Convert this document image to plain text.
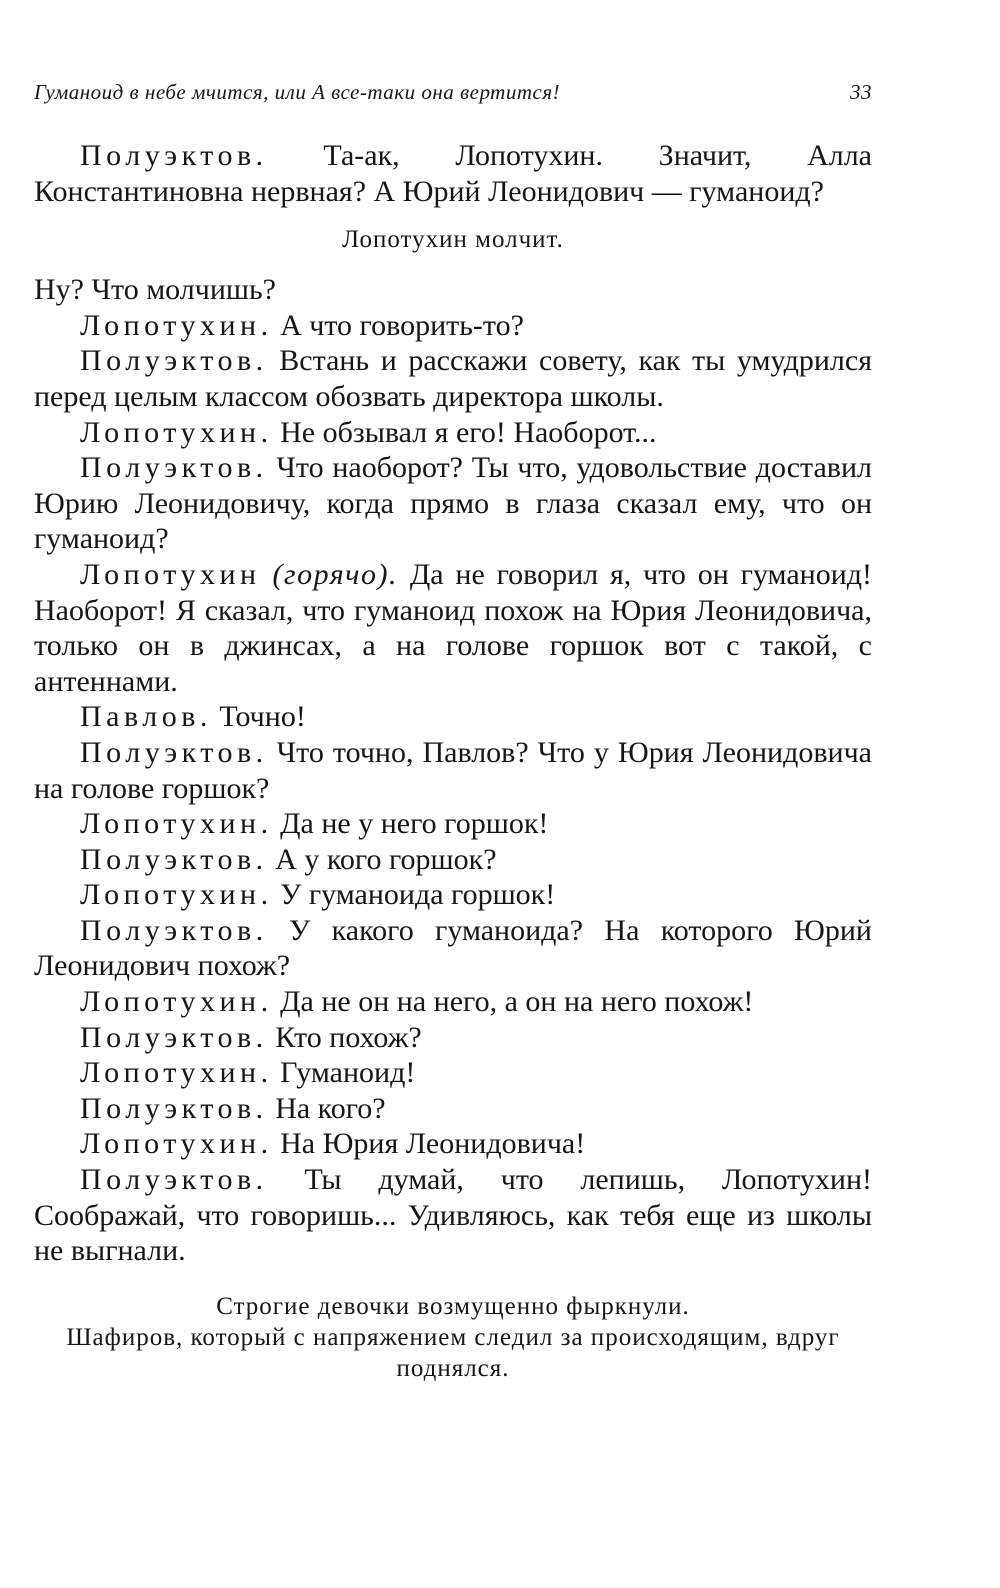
Гуманоид в небе мчится, или А все-таки она вертится!	33

Полуэктов. Та-ак, Лопотухин. Значит, Алла Константиновна нервная? А Юрий Леонидович — гуманоид?

Лопотухин молчит.

Ну? Что молчишь?

Лопотухин. А что говорить-то?

Полуэктов. Встань и расскажи совету, как ты умудрился перед целым классом обозвать директора школы.

Лопотухин. Не обзывал я его! Наоборот...

Полуэктов. Что наоборот? Ты что, удовольствие доставил Юрию Леонидовичу, когда прямо в глаза сказал ему, что он гуманоид?

Лопотухин (горячо). Да не говорил я, что он гуманоид! Наоборот! Я сказал, что гуманоид похож на Юрия Леонидовича, только он в джинсах, а на голове горшок вот с такой, с антеннами.

Павлов. Точно!

Полуэктов. Что точно, Павлов? Что у Юрия Леонидовича на голове горшок?

Лопотухин. Да не у него горшок!

Полуэктов. А у кого горшок?

Лопотухин. У гуманоида горшок!

Полуэктов. У какого гуманоида? На которого Юрий Леонидович похож?

Лопотухин. Да не он на него, а он на него похож!

Полуэктов. Кто похож?

Лопотухин. Гуманоид!

Полуэктов. На кого?

Лопотухин. На Юрия Леонидовича!

Полуэктов. Ты думай, что лепишь, Лопотухин! Соображай, что говоришь... Удивляюсь, как тебя еще из школы не выгнали.

Строгие девочки возмущенно фыркнули.

Шафиров, который с напряжением следил за происходящим, вдруг поднялся.
